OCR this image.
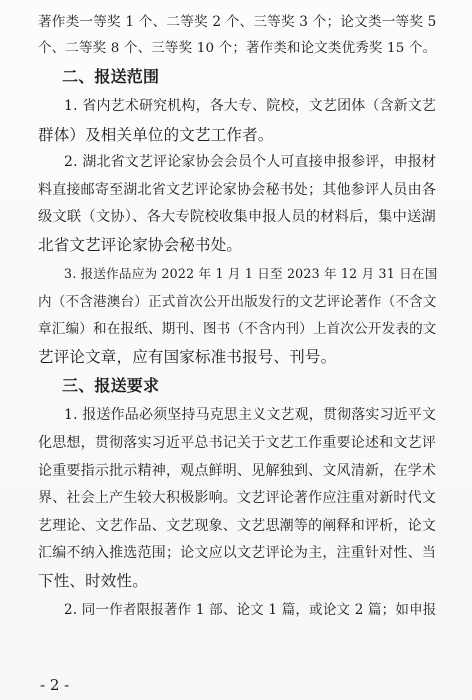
著作类一等奖 1 个、二等奖 2 个、三等奖 3 个；论文类一等奖 5
个、二等奖 8 个、三等奖 10 个；著作类和论文类优秀奖 15 个。
二、报送范围
1. 省内艺术研究机构，各大专、院校，文艺团体（含新文艺
群体）及相关单位的文艺工作者。
2. 湖北省文艺评论家协会会员个人可直接申报参评，申报材
料直接邮寄至湖北省文艺评论家协会秘书处；其他参评人员由各
级文联（文协）、各大专院校收集申报人员的材料后，集中送湖
北省文艺评论家协会秘书处。
3. 报送作品应为 2022 年 1 月 1 日至 2023 年 12 月 31 日在国
内（不含港澳台）正式首次公开出版发行的文艺评论著作（不含文
章汇编）和在报纸、期刊、图书（不含内刊）上首次公开发表的文
艺评论文章，应有国家标准书报号、刊号。
三、报送要求
1. 报送作品必须坚持马克思主义文艺观，贯彻落实习近平文
化思想，贯彻落实习近平总书记关于文艺工作重要论述和文艺评
论重要指示批示精神，观点鲜明、见解独到、文风清新，在学术
界、社会上产生较大积极影响。文艺评论著作应注重对新时代文
艺理论、文艺作品、文艺现象、文艺思潮等的阐释和评析，论文
汇编不纳入推选范围；论文应以文艺评论为主，注重针对性、当
下性、时效性。
2. 同一作者限报著作 1 部、论文 1 篇，或论文 2 篇；如申报
- 2 -
